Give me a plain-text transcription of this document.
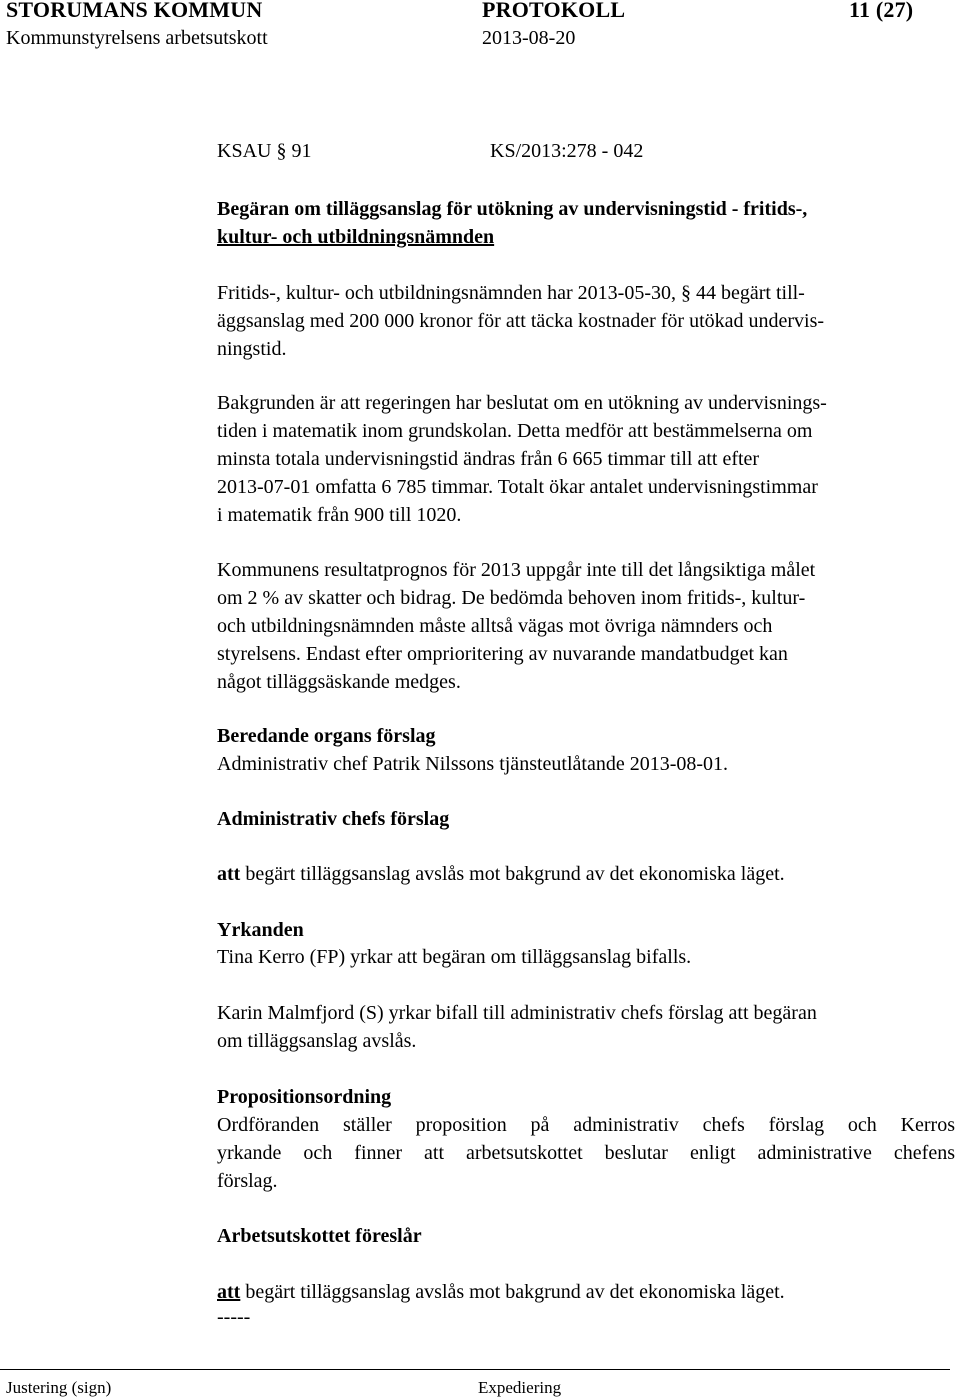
STORUMANS KOMMUN	PROTOKOLL	11 (27)
Kommunstyrelsens arbetsutskott	2013-08-20
KSAU § 91	KS/2013:278 - 042
Begäran om tilläggsanslag för utökning av undervisningstid - fritids-,
kultur- och utbildningsnämnden
Fritids-, kultur- och utbildningsnämnden har 2013-05-30, § 44 begärt till-
äggsanslag med 200 000 kronor för att täcka kostnader för utökad undervis-
ningstid.
Bakgrunden är att regeringen har beslutat om en utökning av undervisnings-
tiden i matematik inom grundskolan. Detta medför att bestämmelserna om
minsta totala undervisningstid ändras från 6 665 timmar till att efter
2013-07-01 omfatta 6 785 timmar. Totalt ökar antalet undervisningstimmar
i matematik från 900 till 1020.
Kommunens resultatprognos för 2013 uppgår inte till det långsiktiga målet
om 2 % av skatter och bidrag. De bedömda behoven inom fritids-, kultur-
och utbildningsnämnden måste alltså vägas mot övriga nämnders och
styrelsens. Endast efter omprioritering av nuvarande mandatbudget kan
något tilläggsäskande medges.
Beredande organs förslag
Administrativ chef Patrik Nilssons tjänsteutlåtande 2013-08-01.
Administrativ chefs förslag
att begärt tilläggsanslag avslås mot bakgrund av det ekonomiska läget.
Yrkanden
Tina Kerro (FP) yrkar att begäran om tilläggsanslag bifalls.
Karin Malmfjord (S) yrkar bifall till administrativ chefs förslag att begäran
om tilläggsanslag avslås.
Propositionsordning
Ordföranden ställer proposition på administrativ chefs förslag och Kerros
yrkande och finner att arbetsutskottet beslutar enligt administrative chefens
förslag.
Arbetsutskottet föreslår
att begärt tilläggsanslag avslås mot bakgrund av det ekonomiska läget.
-----
Justering (sign)	Expediering
